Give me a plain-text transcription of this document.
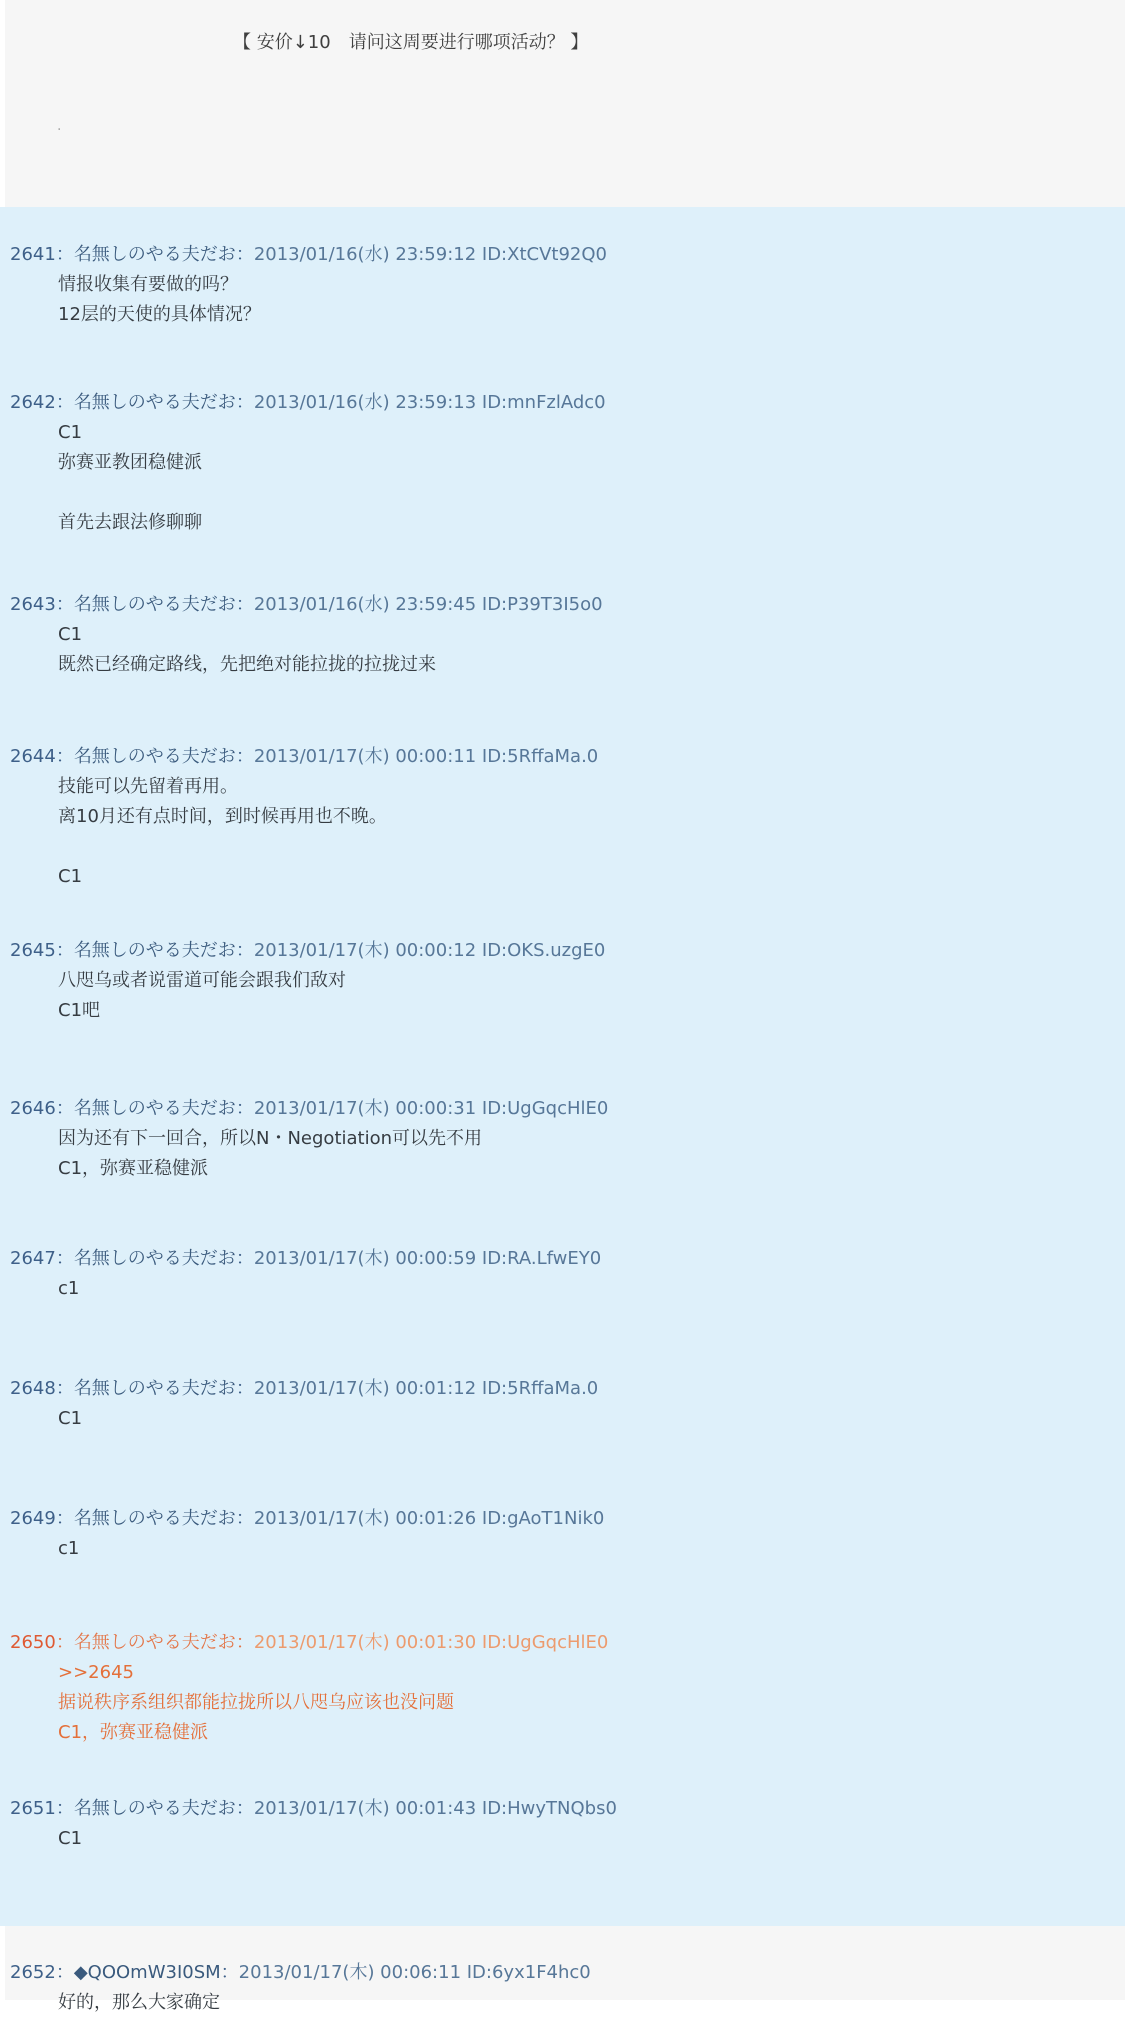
【 安价↓10　请问这周要进行哪项活动？ 】
.
2641：名無しのやる夫だお：2013/01/16(水) 23:59:12 ID:XtCVt92Q0
情报收集有要做的吗？
12层的天使的具体情况？
2642：名無しのやる夫だお：2013/01/16(水) 23:59:13 ID:mnFzlAdc0
C1
弥赛亚教团稳健派

首先去跟法修聊聊
2643：名無しのやる夫だお：2013/01/16(水) 23:59:45 ID:P39T3I5o0
C1
既然已经确定路线，先把绝对能拉拢的拉拢过来
2644：名無しのやる夫だお：2013/01/17(木) 00:00:11 ID:5RffaMa.0
技能可以先留着再用。
离10月还有点时间，到时候再用也不晚。

C1
2645：名無しのやる夫だお：2013/01/17(木) 00:00:12 ID:OKS.uzgE0
八咫乌或者说雷道可能会跟我们敌对
C1吧
2646：名無しのやる夫だお：2013/01/17(木) 00:00:31 ID:UgGqcHlE0
因为还有下一回合，所以N・Negotiation可以先不用
C1，弥赛亚稳健派
2647：名無しのやる夫だお：2013/01/17(木) 00:00:59 ID:RA.LfwEY0
c1
2648：名無しのやる夫だお：2013/01/17(木) 00:01:12 ID:5RffaMa.0
C1
2649：名無しのやる夫だお：2013/01/17(木) 00:01:26 ID:gAoT1Nik0
c1
2650：名無しのやる夫だお：2013/01/17(木) 00:01:30 ID:UgGqcHlE0
>>2645
据说秩序系组织都能拉拢所以八咫乌应该也没问题
C1，弥赛亚稳健派
2651：名無しのやる夫だお：2013/01/17(木) 00:01:43 ID:HwyTNQbs0
C1
2652：◆QOOmW3I0SM：2013/01/17(木) 00:06:11 ID:6yx1F4hc0
好的，那么大家确定
